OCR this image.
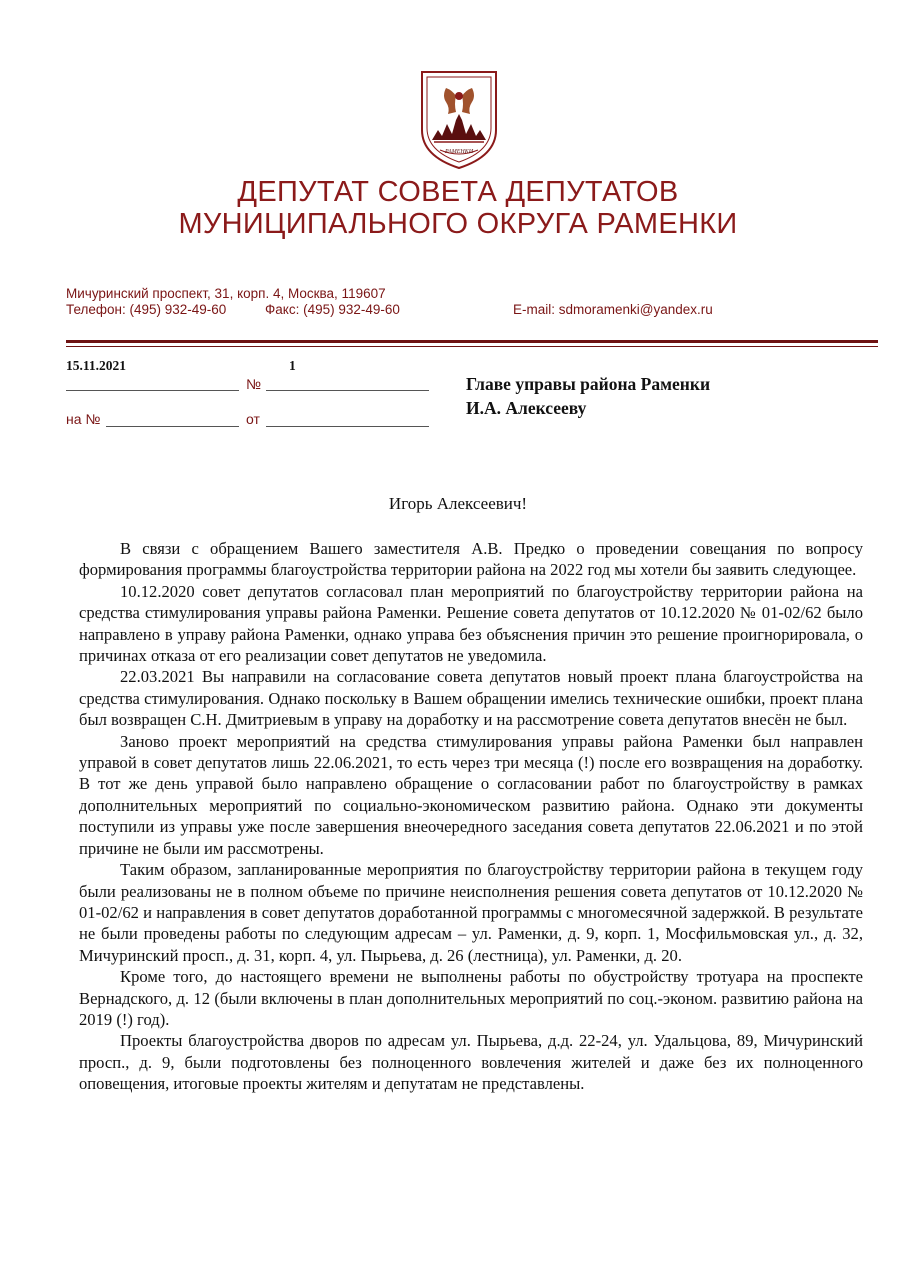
РАМЕНКИ
ДЕПУТАТ СОВЕТА ДЕПУТАТОВ
МУНИЦИПАЛЬНОГО ОКРУГА РАМЕНКИ
Мичуринский проспект, 31, корп. 4, Москва, 119607
Телефон: (495) 932-49-60	Факс: (495) 932-49-60	E-mail: sdmoramenki@yandex.ru
15.11.2021	1
№
на №	от
Главе управы района Раменки
И.А. Алексееву
Игорь Алексеевич!

В связи с обращением Вашего заместителя А.В. Предко о проведении совещания по вопросу формирования программы благоустройства территории района на 2022 год мы хотели бы заявить следующее.

10.12.2020 совет депутатов согласовал план мероприятий по благоустройству территории района на средства стимулирования управы района Раменки. Решение совета депутатов от 10.12.2020 № 01-02/62 было направлено в управу района Раменки, однако управа без объяснения причин это решение проигнорировала, о причинах отказа от его реализации совет депутатов не уведомила.

22.03.2021 Вы направили на согласование совета депутатов новый проект плана благоустройства на средства стимулирования. Однако поскольку в Вашем обращении имелись технические ошибки, проект плана был возвращен С.Н. Дмитриевым в управу на доработку и на рассмотрение совета депутатов внесён не был.

Заново проект мероприятий на средства стимулирования управы района Раменки был направлен управой в совет депутатов лишь 22.06.2021, то есть через три месяца (!) после его возвращения на доработку. В тот же день управой было направлено обращение о согласовании работ по благоустройству в рамках дополнительных мероприятий по социально-экономическом развитию района. Однако эти документы поступили из управы уже после завершения внеочередного заседания совета депутатов 22.06.2021 и по этой причине не были им рассмотрены.

Таким образом, запланированные мероприятия по благоустройству территории района в текущем году были реализованы не в полном объеме по причине неисполнения решения совета депутатов от 10.12.2020 № 01-02/62 и направления в совет депутатов доработанной программы с многомесячной задержкой. В результате не были проведены работы по следующим адресам – ул. Раменки, д. 9, корп. 1, Мосфильмовская ул., д. 32, Мичуринский просп., д. 31, корп. 4, ул. Пырьева, д. 26 (лестница), ул. Раменки, д. 20.

Кроме того, до настоящего времени не выполнены работы по обустройству тротуара на проспекте Вернадского, д. 12 (были включены в план дополнительных мероприятий по соц.-эконом. развитию района на 2019 (!) год).

Проекты благоустройства дворов по адресам ул. Пырьева, д.д. 22-24, ул. Удальцова, 89, Мичуринский просп., д. 9, были подготовлены без полноценного вовлечения жителей и даже без их полноценного оповещения, итоговые проекты жителям и депутатам не представлены.
